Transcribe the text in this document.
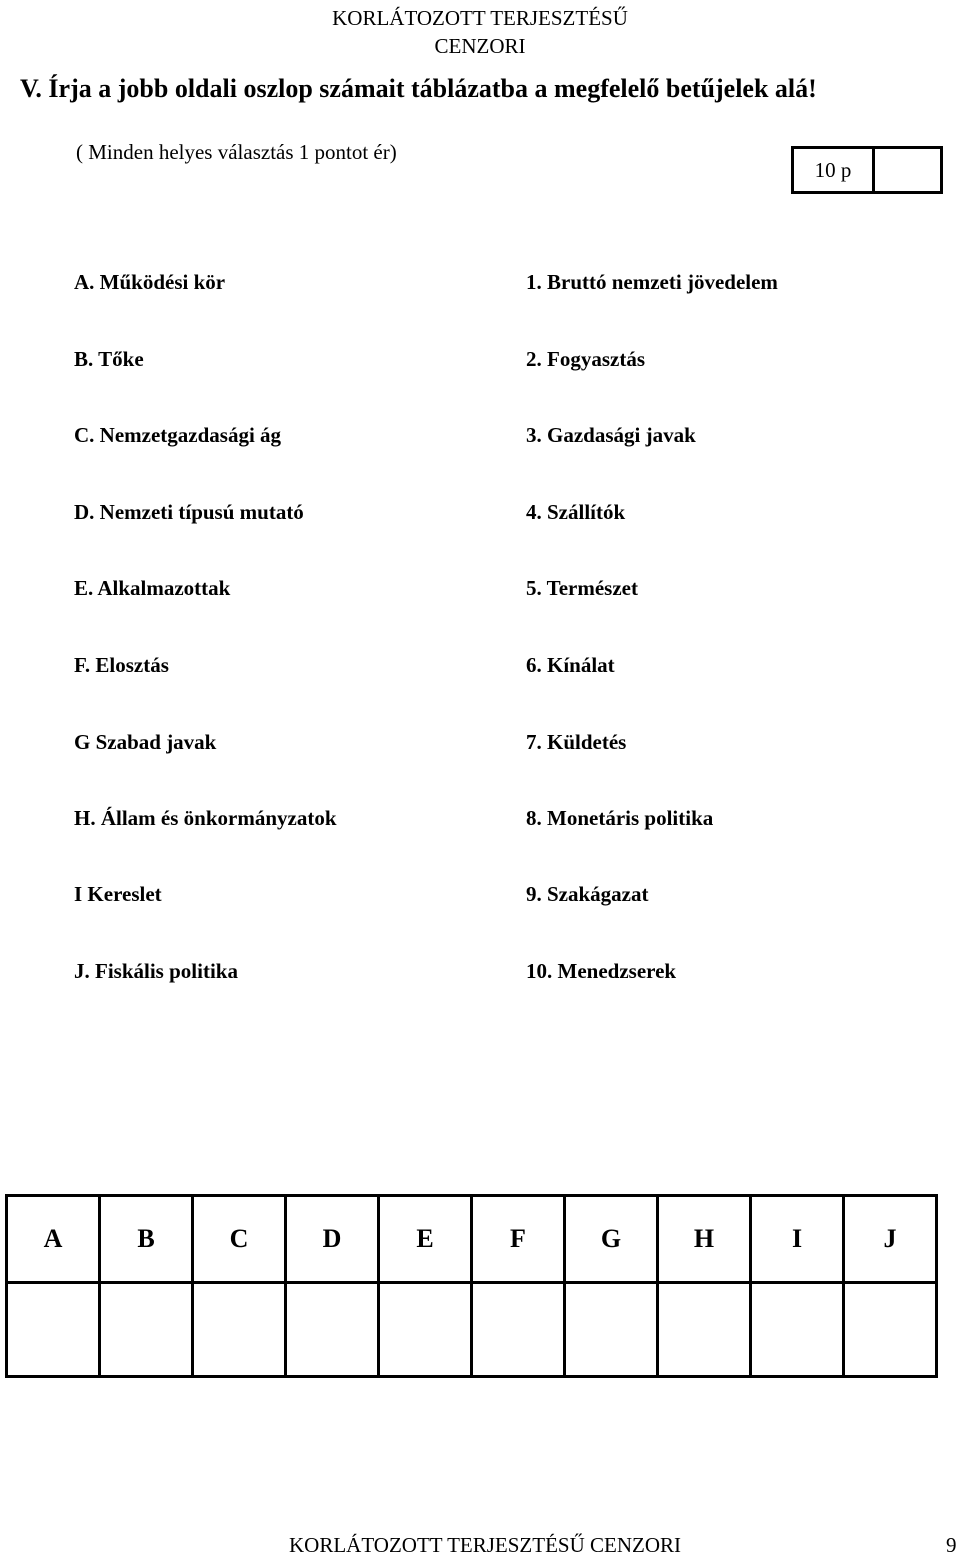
KORLÁTOZOTT TERJESZTÉSŰ
CENZORI
V. Írja a jobb oldali oszlop számait táblázatba a megfelelő betűjelek alá!
( Minden helyes választás 1 pontot ér)
10 p
A. Működési kör
B. Tőke
C. Nemzetgazdasági ág
D. Nemzeti típusú mutató
E. Alkalmazottak
F. Elosztás
G Szabad javak
H. Állam és önkormányzatok
I Kereslet
J. Fiskális politika
1. Bruttó nemzeti jövedelem
2. Fogyasztás
3. Gazdasági javak
4. Szállítók
5. Természet
6. Kínálat
7. Küldetés
8. Monetáris politika
9. Szakágazat
10. Menedzserek
A	B	C	D	E	F	G	H	I	J

KORLÁTOZOTT TERJESZTÉSŰ CENZORI	9
